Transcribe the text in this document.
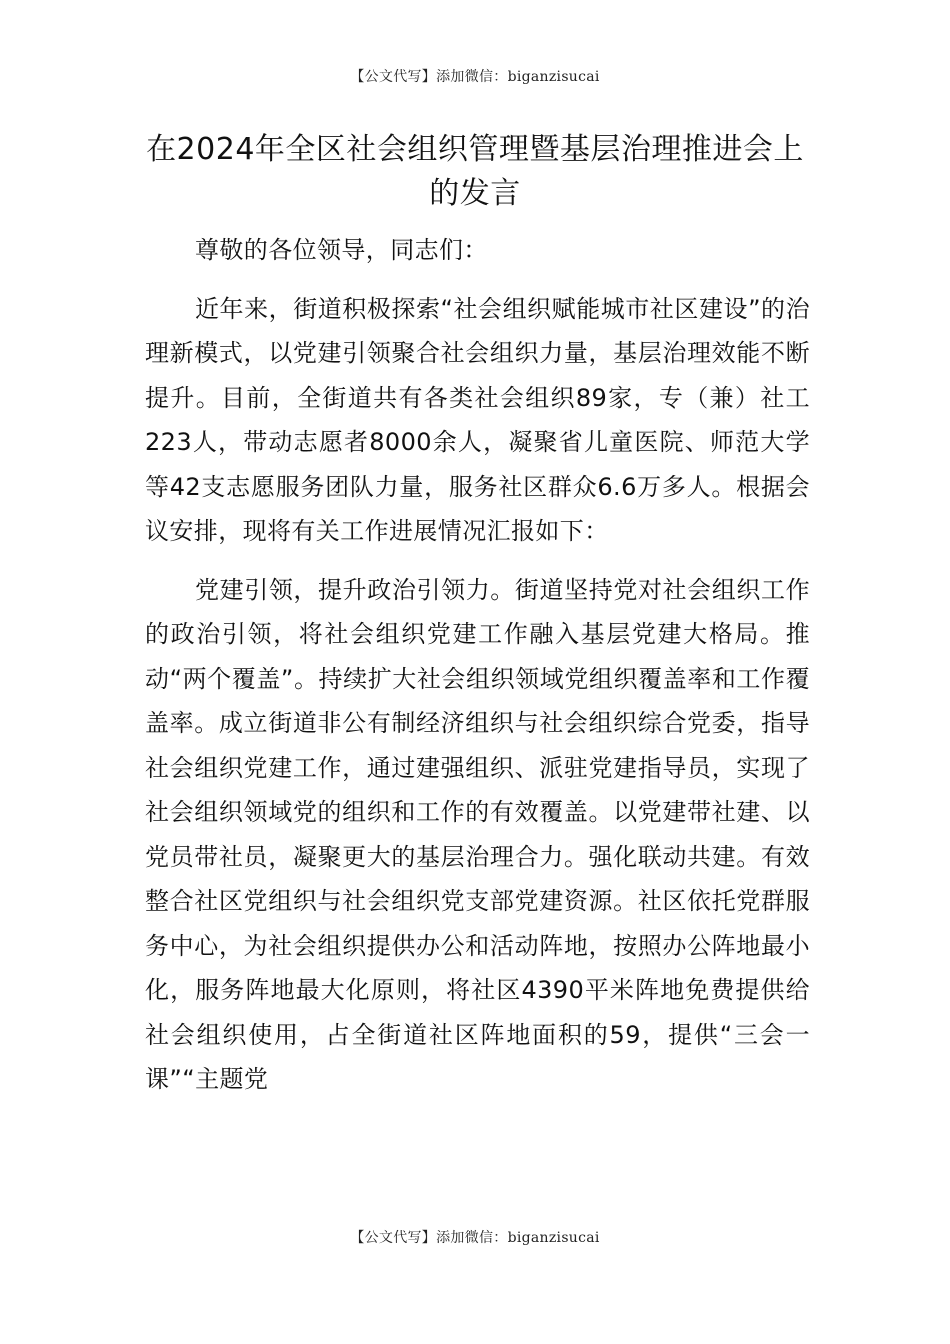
【公文代写】添加微信：biganzisucai
在2024年全区社会组织管理暨基层治理推进会上的发言

尊敬的各位领导，同志们：

近年来，街道积极探索“社会组织赋能城市社区建设”的治理新模式，以党建引领聚合社会组织力量，基层治理效能不断提升。目前，全街道共有各类社会组织89家，专（兼）社工223人，带动志愿者8000余人，凝聚省儿童医院、师范大学等42支志愿服务团队力量，服务社区群众6.6万多人。根据会议安排，现将有关工作进展情况汇报如下：

党建引领，提升政治引领力。街道坚持党对社会组织工作的政治引领，将社会组织党建工作融入基层党建大格局。推动“两个覆盖”。持续扩大社会组织领域党组织覆盖率和工作覆盖率。成立街道非公有制经济组织与社会组织综合党委，指导社会组织党建工作，通过建强组织、派驻党建指导员，实现了社会组织领域党的组织和工作的有效覆盖。以党建带社建、以党员带社员，凝聚更大的基层治理合力。强化联动共建。有效整合社区党组织与社会组织党支部党建资源。社区依托党群服务中心，为社会组织提供办公和活动阵地，按照办公阵地最小化，服务阵地最大化原则，将社区4390平米阵地免费提供给社会组织使用，占全街道社区阵地面积的59，提供“三会一课”“主题党

【公文代写】添加微信：biganzisucai
